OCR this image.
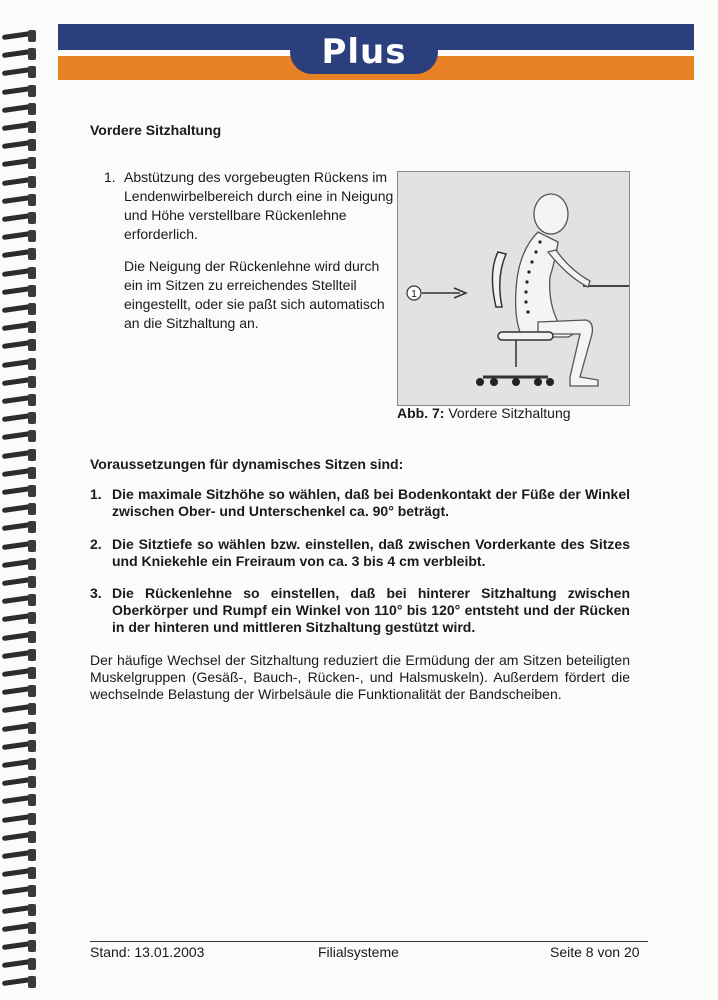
Plus
Vordere Sitzhaltung
1. Abstützung des vorgebeugten Rückens im Lendenwirbelbereich durch eine in Neigung und Höhe verstellbare Rückenlehne erforderlich.

Die Neigung der Rückenlehne wird durch ein im Sitzen zu erreichendes Stellteil eingestellt, oder sie paßt sich automatisch an die Sitzhaltung an.

1
Abb. 7: Vordere Sitzhaltung
Voraussetzungen für dynamisches Sitzen sind:
1. Die maximale Sitzhöhe so wählen, daß bei Bodenkontakt der Füße der Winkel zwischen Ober- und Unterschenkel ca. 90° beträgt.
2. Die Sitztiefe so wählen bzw. einstellen, daß zwischen Vorderkante des Sitzes und Kniekehle ein Freiraum von ca. 3 bis 4 cm verbleibt.
3. Die Rückenlehne so einstellen, daß bei hinterer Sitzhaltung zwischen Oberkörper und Rumpf ein Winkel von 110° bis 120° entsteht und der Rücken in der hinteren und mittleren Sitzhaltung gestützt wird.
Der häufige Wechsel der Sitzhaltung reduziert die Ermüdung der am Sitzen beteiligten Muskelgruppen (Gesäß-, Bauch-, Rücken-, und Halsmuskeln). Außerdem fördert die wechselnde Belastung der Wirbelsäule die Funktionalität der Bandscheiben.
Stand: 13.01.2003	Filialsysteme	Seite 8 von 20
